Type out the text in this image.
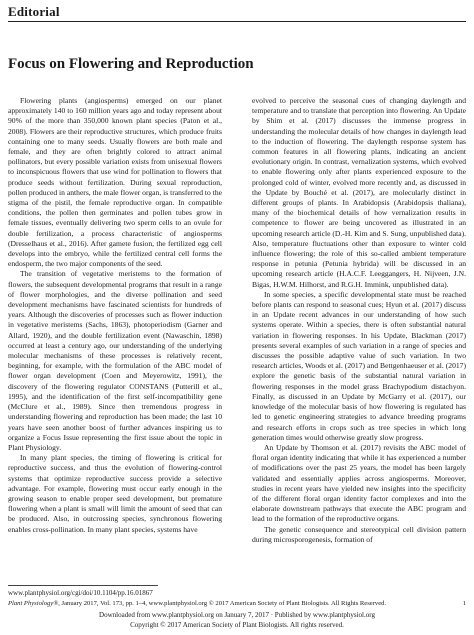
Editorial
Focus on Flowering and Reproduction

Flowering plants (angiosperms) emerged on our planet approximately 140 to 160 million years ago and today represent about 90% of the more than 350,000 known plant species (Paton et al., 2008). Flowers are their reproductive structures, which produce fruits containing one to many seeds. Usually flowers are both male and female, and they are often brightly colored to attract animal pollinators, but every possible variation exists from unisexual flowers to inconspicuous flowers that use wind for pollination to flowers that produce seeds without fertilization. During sexual reproduction, pollen produced in anthers, the male flower organ, is transferred to the stigma of the pistil, the female reproductive organ. In compatible conditions, the pollen then germinates and pollen tubes grow in female tissues, eventually delivering two sperm cells to an ovule for double fertilization, a process characteristic of angiosperms (Dresselhaus et al., 2016). After gamete fusion, the fertilized egg cell develops into the embryo, while the fertilized central cell forms the endosperm, the two major components of the seed.

The transition of vegetative meristems to the formation of flowers, the subsequent developmental programs that result in a range of flower morphologies, and the diverse pollination and seed development mechanisms have fascinated scientists for hundreds of years. Although the discoveries of processes such as flower induction in vegetative meristems (Sachs, 1863), photoperiodism (Garner and Allard, 1920), and the double fertilization event (Nawaschin, 1898) occurred at least a century ago, our understanding of the underlying molecular mechanisms of these processes is relatively recent, beginning, for example, with the formulation of the ABC model of flower organ development (Coen and Meyerowitz, 1991), the discovery of the flowering regulator CONSTANS (Putterill et al., 1995), and the identification of the first self-incompatibility gene (McClure et al., 1989). Since then tremendous progress in understanding flowering and reproduction has been made; the last 10 years have seen another boost of further advances inspiring us to organize a Focus Issue representing the first issue about the topic in Plant Physiology.

In many plant species, the timing of flowering is critical for reproductive success, and thus the evolution of flowering-control systems that optimize reproductive success provide a selective advantage. For example, flowering must occur early enough in the growing season to enable proper seed development, but premature flowering when a plant is small will limit the amount of seed that can be produced. Also, in outcrossing species, synchronous flowering enables cross-pollination. In many plant species, systems have

evolved to perceive the seasonal cues of changing daylength and temperature and to translate that perception into flowering. An Update by Shim et al. (2017) discusses the immense progress in understanding the molecular details of how changes in daylength lead to the induction of flowering. The daylength response system has common features in all flowering plants, indicating an ancient evolutionary origin. In contrast, vernalization systems, which evolved to enable flowering only after plants experienced exposure to the prolonged cold of winter, evolved more recently and, as discussed in the Update by Bouché et al. (2017), are molecularly distinct in different groups of plants. In Arabidopsis (Arabidopsis thaliana), many of the biochemical details of how vernalization results in competence to flower are being uncovered as illustrated in an upcoming research article (D.-H. Kim and S. Sung, unpublished data). Also, temperature fluctuations other than exposure to winter cold influence flowering; the role of this so-called ambient temperature response in petunia (Petunia hybrida) will be discussed in an upcoming research article (H.A.C.F. Leeggangers, H. Nijveen, J.N. Bigas, H.W.M. Hilhorst, and R.G.H. Immink, unpublished data).

In some species, a specific developmental state must be reached before plants can respond to seasonal cues; Hyun et al. (2017) discuss in an Update recent advances in our understanding of how such systems operate. Within a species, there is often substantial natural variation in flowering responses. In his Update, Blackman (2017) presents several examples of such variation in a range of species and discusses the possible adaptive value of such variation. In two research articles, Woods et al. (2017) and Bettgenhaeuser et al. (2017) explore the genetic basis of the substantial natural variation in flowering responses in the model grass Brachypodium distachyon. Finally, as discussed in an Update by McGarry et al. (2017), our knowledge of the molecular basis of how flowering is regulated has led to genetic engineering strategies to advance breeding programs and research efforts in crops such as tree species in which long generation times would otherwise greatly slow progress.

An Update by Thomson et al. (2017) revisits the ABC model of floral organ identity indicating that while it has experienced a number of modifications over the past 25 years, the model has been largely validated and essentially applies across angiosperms. Moreover, studies in recent years have yielded new insights into the specificity of the different floral organ identity factor complexes and into the elaborate downstream pathways that execute the ABC program and lead to the formation of the reproductive organs.

The genetic consequence and stereotypical cell division pattern during microsporogenesis, formation of

www.plantphysiol.org/cgi/doi/10.1104/pp.16.01867
Plant Physiology®, January 2017, Vol. 173, pp. 1–4, www.plantphysiol.org © 2017 American Society of Plant Biologists. All Rights Reserved.	1
Downloaded from www.plantphysiol.org on January 7, 2017 · Published by www.plantphysiol.org
Copyright © 2017 American Society of Plant Biologists. All rights reserved.
